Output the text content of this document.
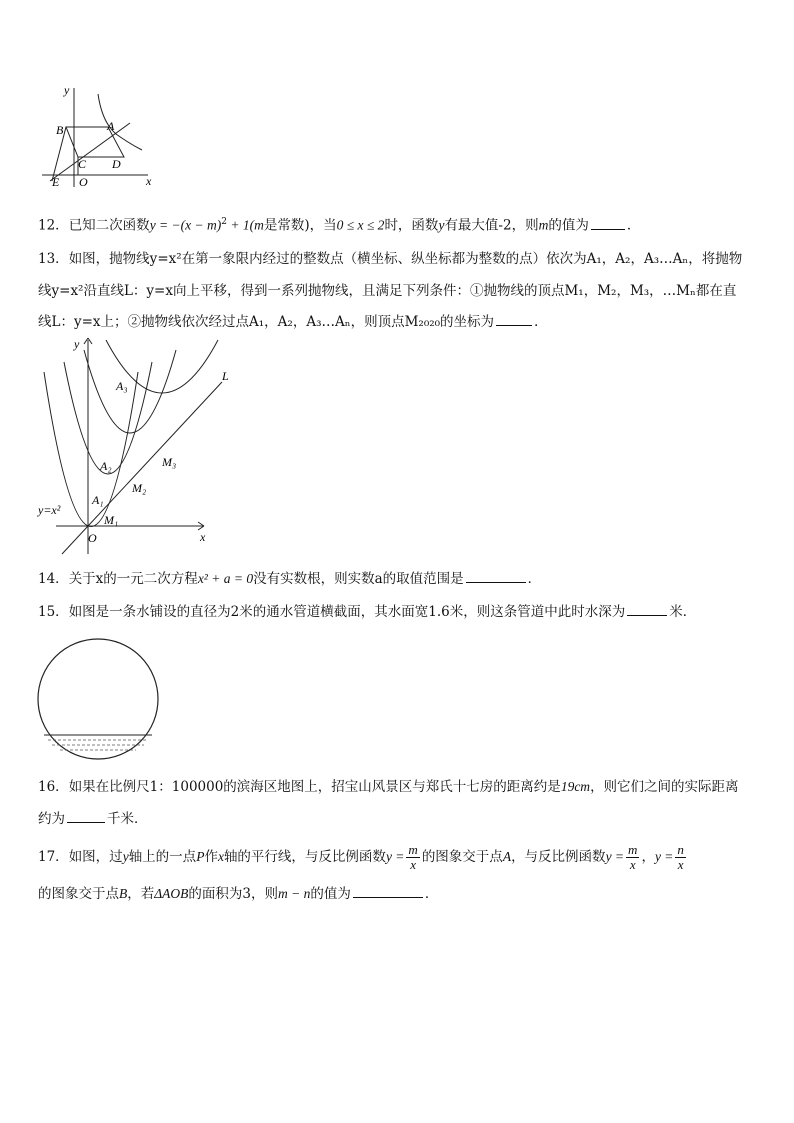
y
x
B	A
C D
E O
12．已知二次函数$y = -(x - m)^2 + 1(m$是常数)，当0 ≤ x ≤ 2时，函数y有最大值-2，则m的值为	．
13．如图，抛物线y=x²在第一象限内经过的整数点（横坐标、纵坐标都为整数的点）依次为A₁，A₂，A₃…Aₙ，将抛物
线y=x²沿直线L：y=x向上平移，得到一系列抛物线，且满足下列条件：①抛物线的顶点M₁，M₂，M₃，…Mₙ都在直
线L：y=x上；②抛物线依次经过点A₁，A₂，A₃…Aₙ，则顶点M₂₀₂₀的坐标为	．
y
x
O
L
y=x²
A₁
A₂
A₃
M₁
M₂
M₃
14．关于x的一元二次方程x² + a = 0没有实数根，则实数a的取值范围是	．
15．如图是一条水铺设的直径为2米的通水管道横截面，其水面宽1.6米，则这条管道中此时水深为	米．
16．如果在比例尺1：100000的滨海区地图上，招宝山风景区与郑氏十七房的距离约是19cm，则它们之间的实际距离
约为	千米．
17．如图，过y轴上的一点P作x轴的平行线，与反比例函数$y = \frac{m}{x}$ 的图象交于点A，与反比例函数$y = \frac{m}{x}$ ，$y = \frac{n}{x}$
的图象交于点B，若ΔAOB的面积为3，则m − n的值为	．
